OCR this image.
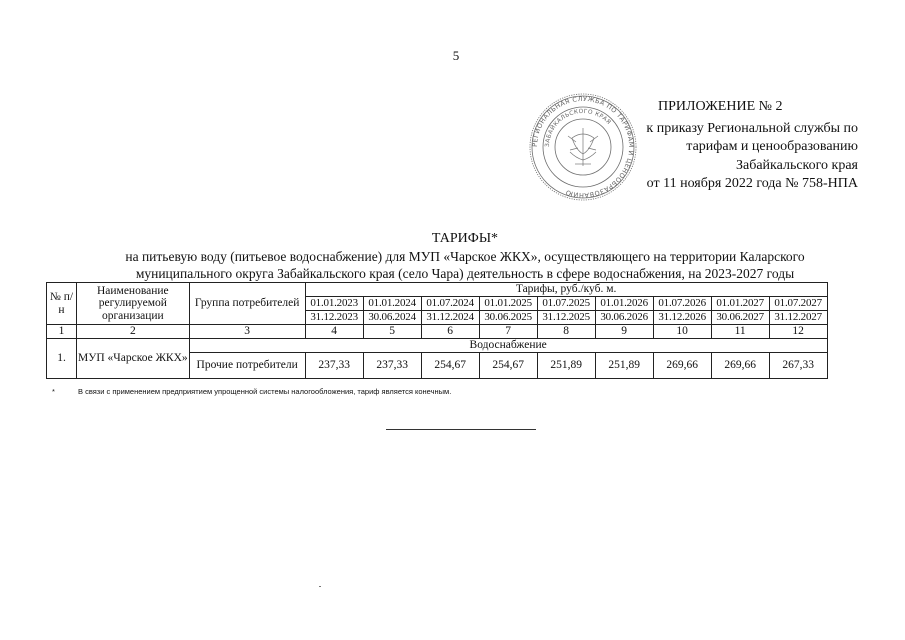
5
РЕГИОНАЛЬНАЯ СЛУЖБА ПО ТАРИФАМ И ЦЕНООБРАЗОВАНИЮ
ЗАБАЙКАЛЬСКОГО КРАЯ
ПРИЛОЖЕНИЕ № 2
к приказу Региональной службы по
тарифам и ценообразованию
Забайкальского края
от 11 ноября 2022 года № 758-НПА
ТАРИФЫ*
на питьевую воду (питьевое водоснабжение) для МУП «Чарское ЖКХ», осуществляющего на территории Каларского
муниципального округа Забайкальского края (село Чара) деятельность в сфере водоснабжения, на 2023-2027 годы
№ п/н	Наименование регулируемой организации	Группа потребителей	Тарифы, руб./куб. м.								
			01.01.2023	01.01.2024	01.07.2024	01.01.2025	01.07.2025	01.01.2026	01.07.2026	01.01.2027	01.07.2027
			31.12.2023	30.06.2024	31.12.2024	30.06.2025	31.12.2025	30.06.2026	31.12.2026	30.06.2027	31.12.2027
1	2	3	4	5	6	7	8	9	10	11	12
1.	МУП «Чарское ЖКХ»	Водоснабжение									
		Прочие потребители	237,33	237,33	254,67	254,67	251,89	251,89	269,66	269,66	267,33
*	В связи с применением предприятием упрощенной системы налогообложения, тариф является конечным.
